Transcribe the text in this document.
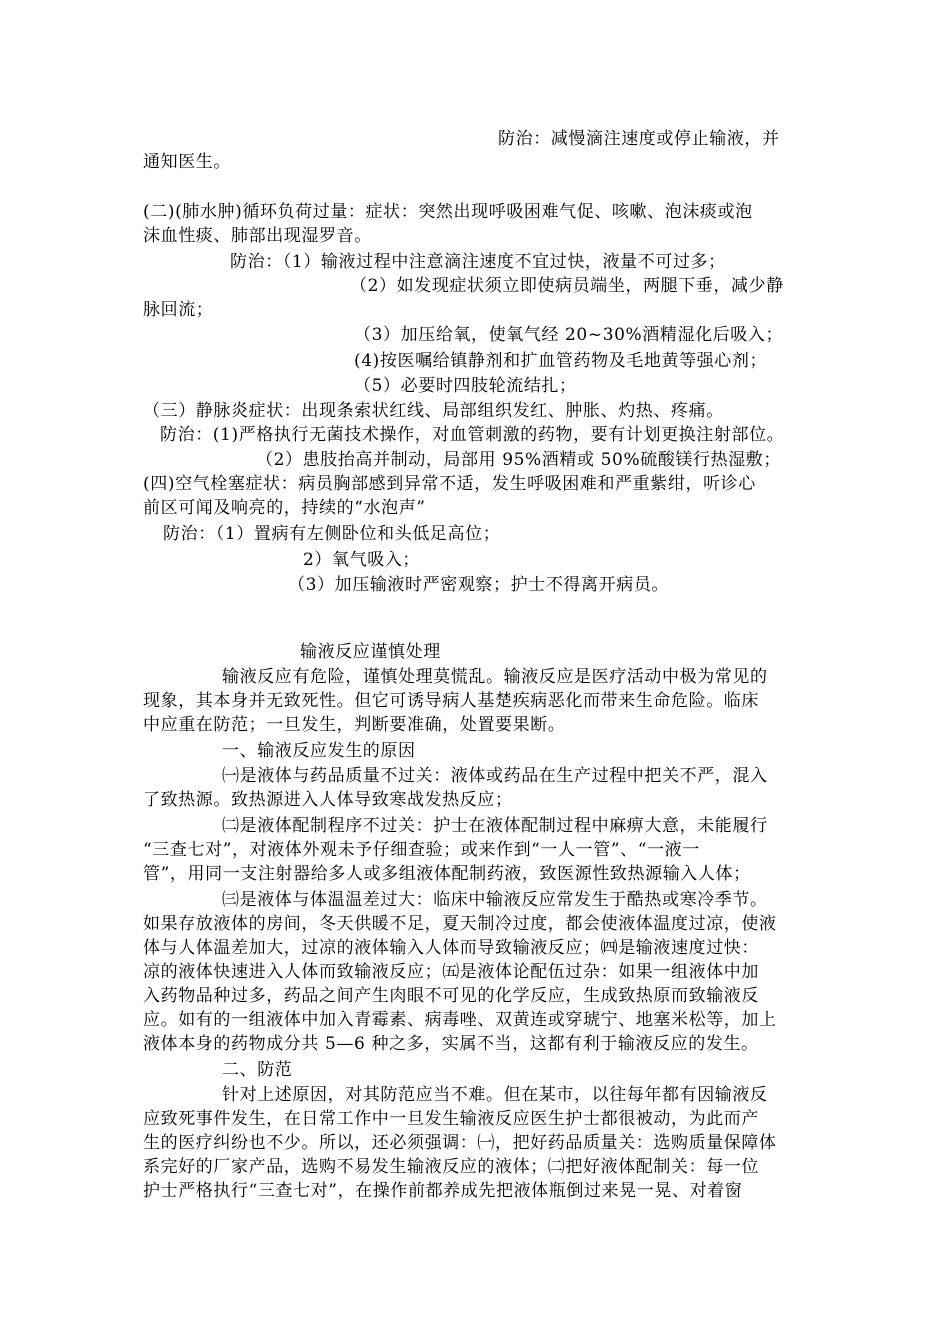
防治：减慢滴注速度或停止输液，并
通知医生。
(二)(肺水肿)循环负荷过量：症状：突然出现呼吸困难气促、咳嗽、泡沫痰或泡
沫血性痰、肺部出现湿罗音。
防治：（1）输液过程中注意滴注速度不宜过快，液量不可过多；
（2）如发现症状须立即使病员端坐，两腿下垂，减少静
脉回流；
（3）加压给氧，使氧气经 20~30%酒精湿化后吸入；
(4)按医嘱给镇静剂和扩血管药物及毛地黄等强心剂；
（5）必要时四肢轮流结扎；
（三）静脉炎症状：出现条索状红线、局部组织发红、肿胀、灼热、疼痛。
防治：(1)严格执行无菌技术操作，对血管刺激的药物，要有计划更换注射部位。
（2）患肢抬高并制动，局部用 95%酒精或 50%硫酸镁行热湿敷；
(四)空气栓塞症状：病员胸部感到异常不适，发生呼吸困难和严重紫绀，听诊心
前区可闻及响亮的，持续的“水泡声”
防治：（1）置病有左侧卧位和头低足高位；
2）氧气吸入；
（3）加压输液时严密观察；护士不得离开病员。
输液反应谨慎处理
输液反应有危险，谨慎处理莫慌乱。输液反应是医疗活动中极为常见的
现象，其本身并无致死性。但它可诱导病人基楚疾病恶化而带来生命危险。临床
中应重在防范；一旦发生，判断要准确，处置要果断。
一、输液反应发生的原因
㈠是液体与药品质量不过关：液体或药品在生产过程中把关不严，混入
了致热源。致热源进入人体导致寒战发热反应；
㈡是液体配制程序不过关：护士在液体配制过程中麻痹大意，未能履行
“三查七对”，对液体外观未予仔细查验；或来作到“一人一管”、“一液一
管”，用同一支注射器给多人或多组液体配制药液，致医源性致热源输入人体；
㈢是液体与体温温差过大：临床中输液反应常发生于酷热或寒冷季节。
如果存放液体的房间，冬天供暖不足，夏天制冷过度，都会使液体温度过凉，使液
体与人体温差加大，过凉的液体输入人体而导致输液反应；㈣是输液速度过快：
凉的液体快速进入人体而致输液反应；㈤是液体论配伍过杂：如果一组液体中加
入药物品种过多，药品之间产生肉眼不可见的化学反应，生成致热原而致输液反
应。如有的一组液体中加入青霉素、病毒唑、双黄连或穿琥宁、地塞米松等，加上
液体本身的药物成分共 5—6 种之多，实属不当，这都有利于输液反应的发生。
二、防范
针对上述原因，对其防范应当不难。但在某市，以往每年都有因输液反
应致死事件发生，在日常工作中一旦发生输液反应医生护士都很被动，为此而产
生的医疗纠纷也不少。所以，还必须强调：㈠，把好药品质量关：选购质量保障体
系完好的厂家产品，选购不易发生输液反应的液体；㈡把好液体配制关：每一位
护士严格执行“三查七对”，在操作前都养成先把液体瓶倒过来晃一晃、对着窗
